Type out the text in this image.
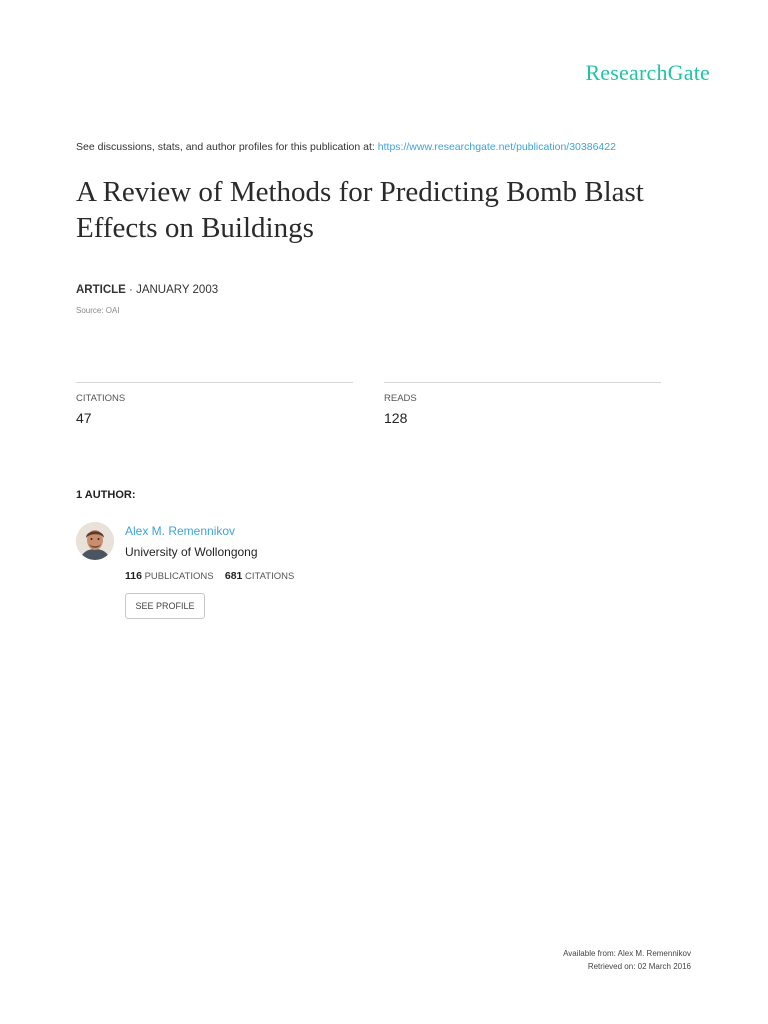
ResearchGate
See discussions, stats, and author profiles for this publication at: https://www.researchgate.net/publication/30386422
A Review of Methods for Predicting Bomb Blast Effects on Buildings
ARTICLE · JANUARY 2003
Source: OAI
CITATIONS
47
READS
128
1 AUTHOR:
Alex M. Remennikov
University of Wollongong
116 PUBLICATIONS 681 CITATIONS
SEE PROFILE
Available from: Alex M. Remennikov
Retrieved on: 02 March 2016
